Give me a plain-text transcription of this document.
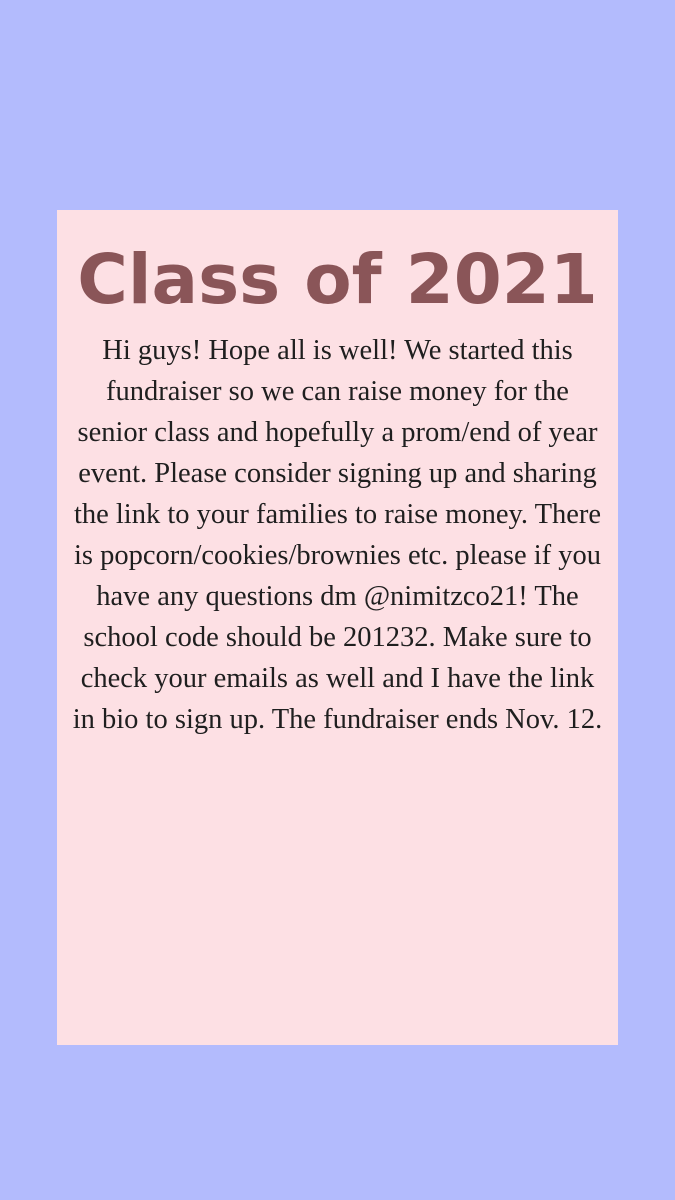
Class of 2021

Hi guys! Hope all is well! We started this fundraiser so we can raise money for the senior class and hopefully a prom/end of year event. Please consider signing up and sharing the link to your families to raise money. There is popcorn/cookies/brownies etc. please if you have any questions dm @nimitzco21! The school code should be 201232. Make sure to check your emails as well and I have the link in bio to sign up. The fundraiser ends Nov. 12.
